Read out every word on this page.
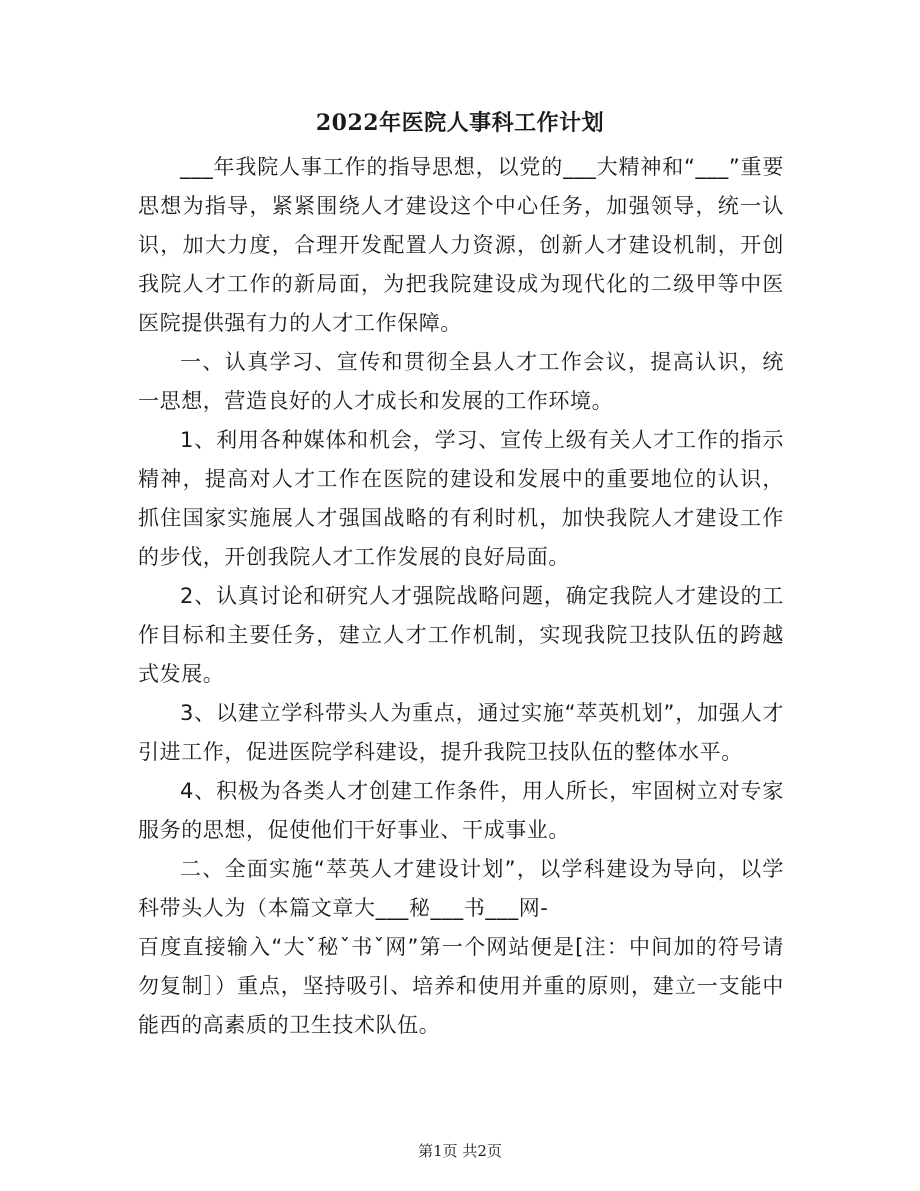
2022年医院人事科工作计划

___年我院人事工作的指导思想，以党的___大精神和“___”重要思想为指导，紧紧围绕人才建设这个中心任务，加强领导，统一认识，加大力度，合理开发配置人力资源，创新人才建设机制，开创我院人才工作的新局面，为把我院建设成为现代化的二级甲等中医医院提供强有力的人才工作保障。

一、认真学习、宣传和贯彻全县人才工作会议，提高认识，统一思想，营造良好的人才成长和发展的工作环境。

1、利用各种媒体和机会，学习、宣传上级有关人才工作的指示精神，提高对人才工作在医院的建设和发展中的重要地位的认识，抓住国家实施展人才强国战略的有利时机，加快我院人才建设工作的步伐，开创我院人才工作发展的良好局面。

2、认真讨论和研究人才强院战略问题，确定我院人才建设的工作目标和主要任务，建立人才工作机制，实现我院卫技队伍的跨越式发展。

3、以建立学科带头人为重点，通过实施“萃英机划”，加强人才引进工作，促进医院学科建设，提升我院卫技队伍的整体水平。

4、积极为各类人才创建工作条件，用人所长，牢固树立对专家服务的思想，促使他们干好事业、干成事业。

二、全面实施“萃英人才建设计划”，以学科建设为导向，以学科带头人为（本篇文章大___秘___书___网-
百度直接输入“大ˇ秘ˇ书ˇ网”第一个网站便是[注：中间加的符号请勿复制］）重点，坚持吸引、培养和使用并重的原则，建立一支能中能西的高素质的卫生技术队伍。

第1页 共2页
